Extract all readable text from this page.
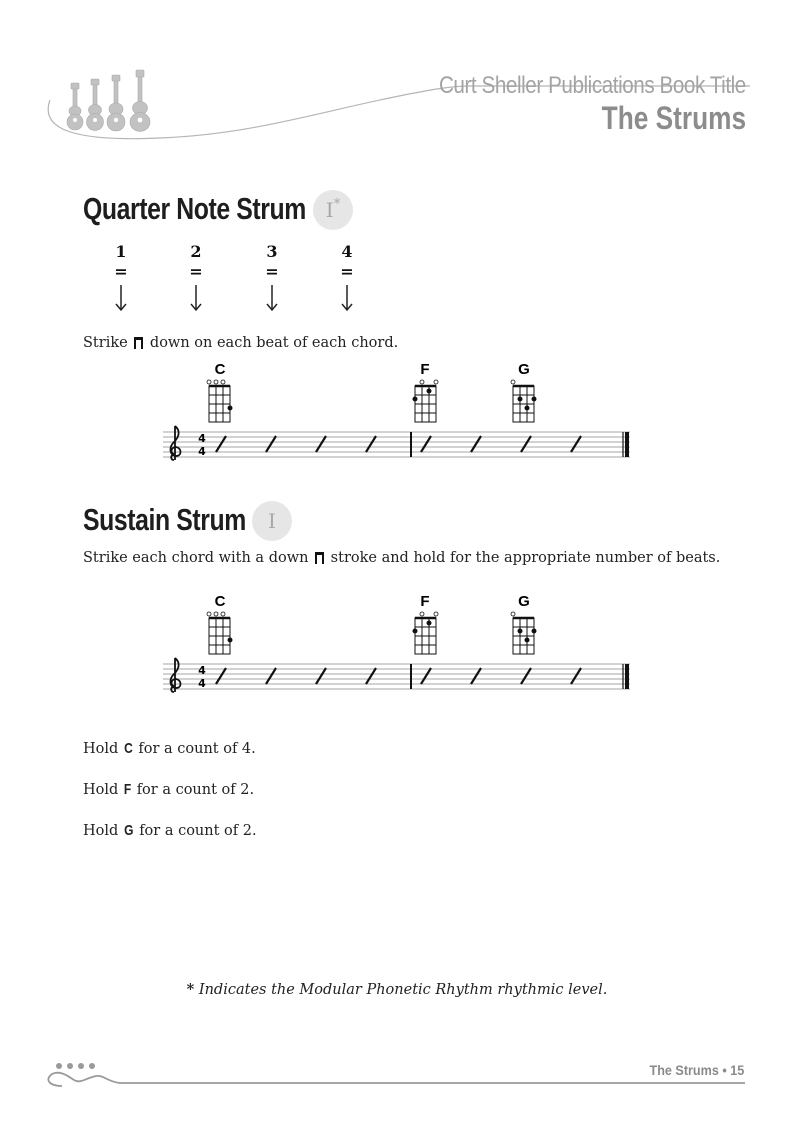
Curt Sheller Publications Book Title
The Strums
Quarter Note Strum I*
1	2	3	4
=	=	=	=
Strike down on each beat of each chord.
C	F	G
4
4
Sustain Strum	I
Strike each chord with a down stroke and hold for the appropriate number of beats.
C	F	G
4
4
Hold C for a count of 4.
Hold F for a count of 2.
Hold G for a count of 2.
* Indicates the Modular Phonetic Rhythm rhythmic level.
The Strums • 15
